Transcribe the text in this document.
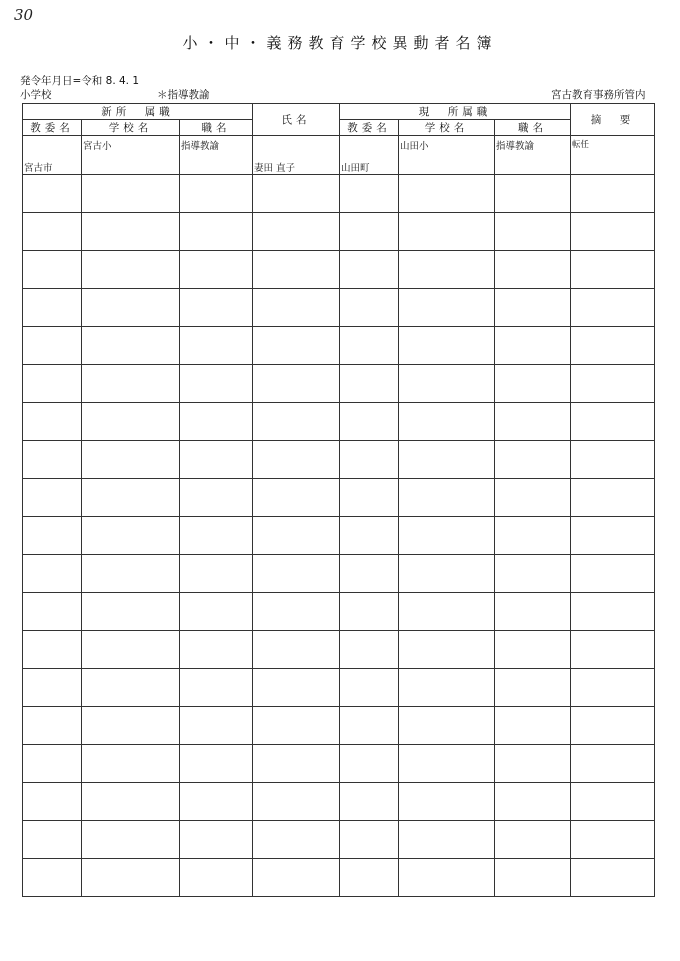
30
小・中・義務教育学校異動者名簿
発令年月日=令和 8. 4. 1
小学校	＊指導教諭	宮古教育事務所管内
新所　属職			氏名	現　所属職			摘　要
教委名	学校名	職名		教委名	学校名	職名	

宮古市	宮古小	指導教諭	妻田 直子	山田町	山田小	指導教諭	転任
